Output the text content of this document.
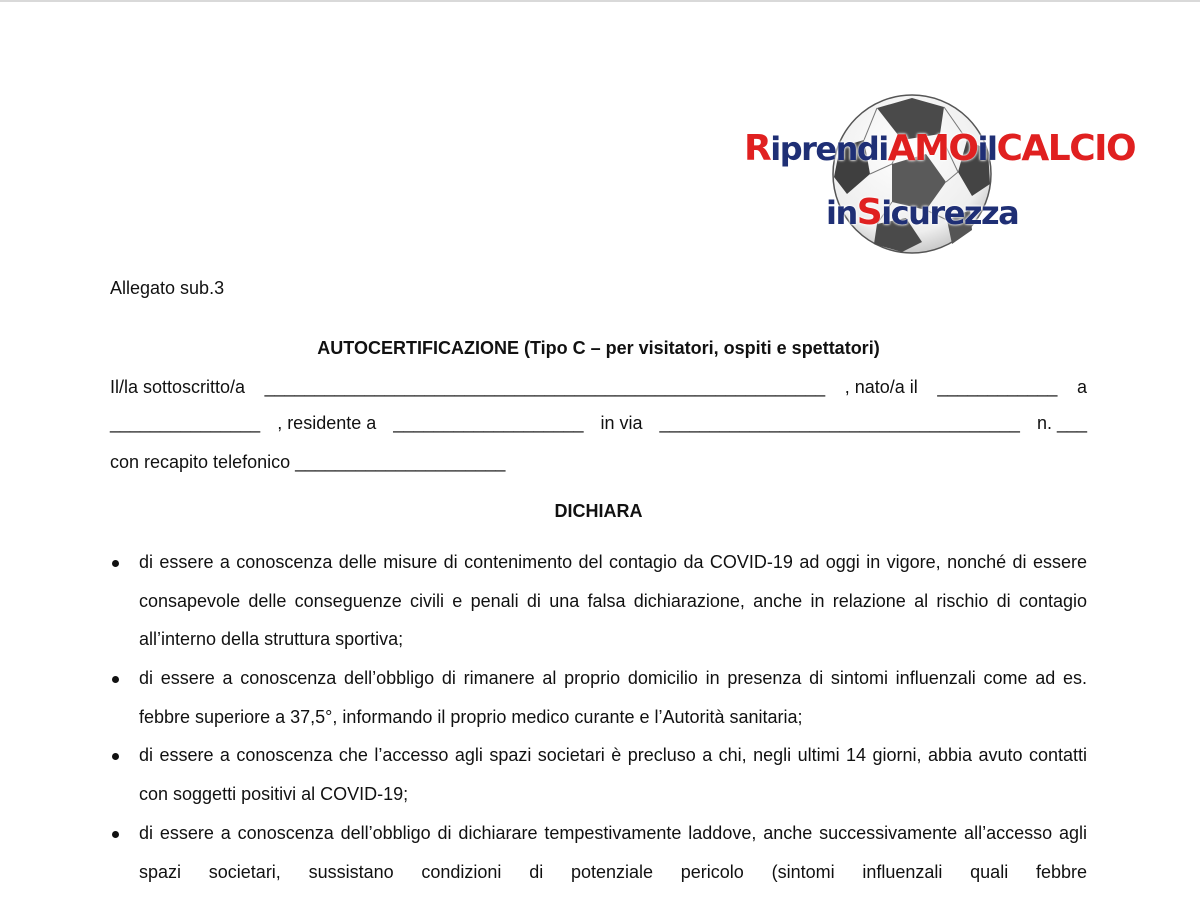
RiprendiAMOilCALCIO
inSicurezza
Allegato sub.3
AUTOCERTIFICAZIONE (Tipo C – per visitatori, ospiti e spettatori)
Il/la sottoscritto/a ________________________________________________________ , nato/a il ____________ a
_______________ , residente a ___________________ in via ____________________________________ n. ___
con recapito telefonico _____________________
DICHIARA
di essere a conoscenza delle misure di contenimento del contagio da COVID-19 ad oggi in vigore, nonché di essere consapevole delle conseguenze civili e penali di una falsa dichiarazione, anche in relazione al rischio di contagio all’interno della struttura sportiva;
di essere a conoscenza dell’obbligo di rimanere al proprio domicilio in presenza di sintomi influenzali come ad es. febbre superiore a 37,5°, informando il proprio medico curante e l’Autorità sanitaria;
di essere a conoscenza che l’accesso agli spazi societari è precluso a chi, negli ultimi 14 giorni, abbia avuto contatti con soggetti positivi al COVID-19;
di essere a conoscenza dell’obbligo di dichiarare tempestivamente laddove, anche successivamente all’accesso agli spazi societari, sussistano condizioni di potenziale pericolo (sintomi influenzali quali febbre
